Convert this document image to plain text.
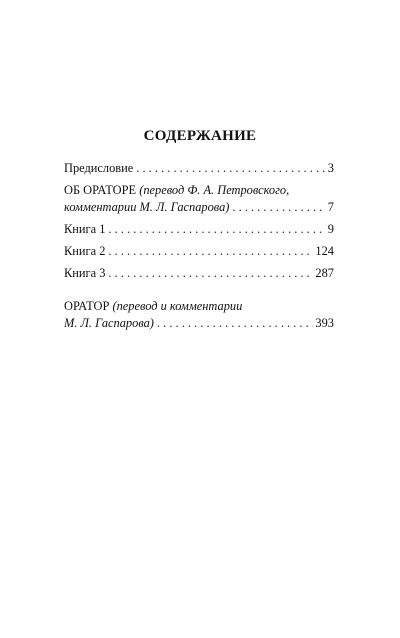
СОДЕРЖАНИЕ
Предисловие . . .	3
ОБ ОРАТОРЕ (перевод Ф. А. Петровского,
комментарии М. Л. Гаспарова) . . .	7
Книга 1 . . .	9
Книга 2 . . .	124
Книга 3 . . .	287
ОРАТОР (перевод и комментарии
М. Л. Гаспарова) . . .	393
